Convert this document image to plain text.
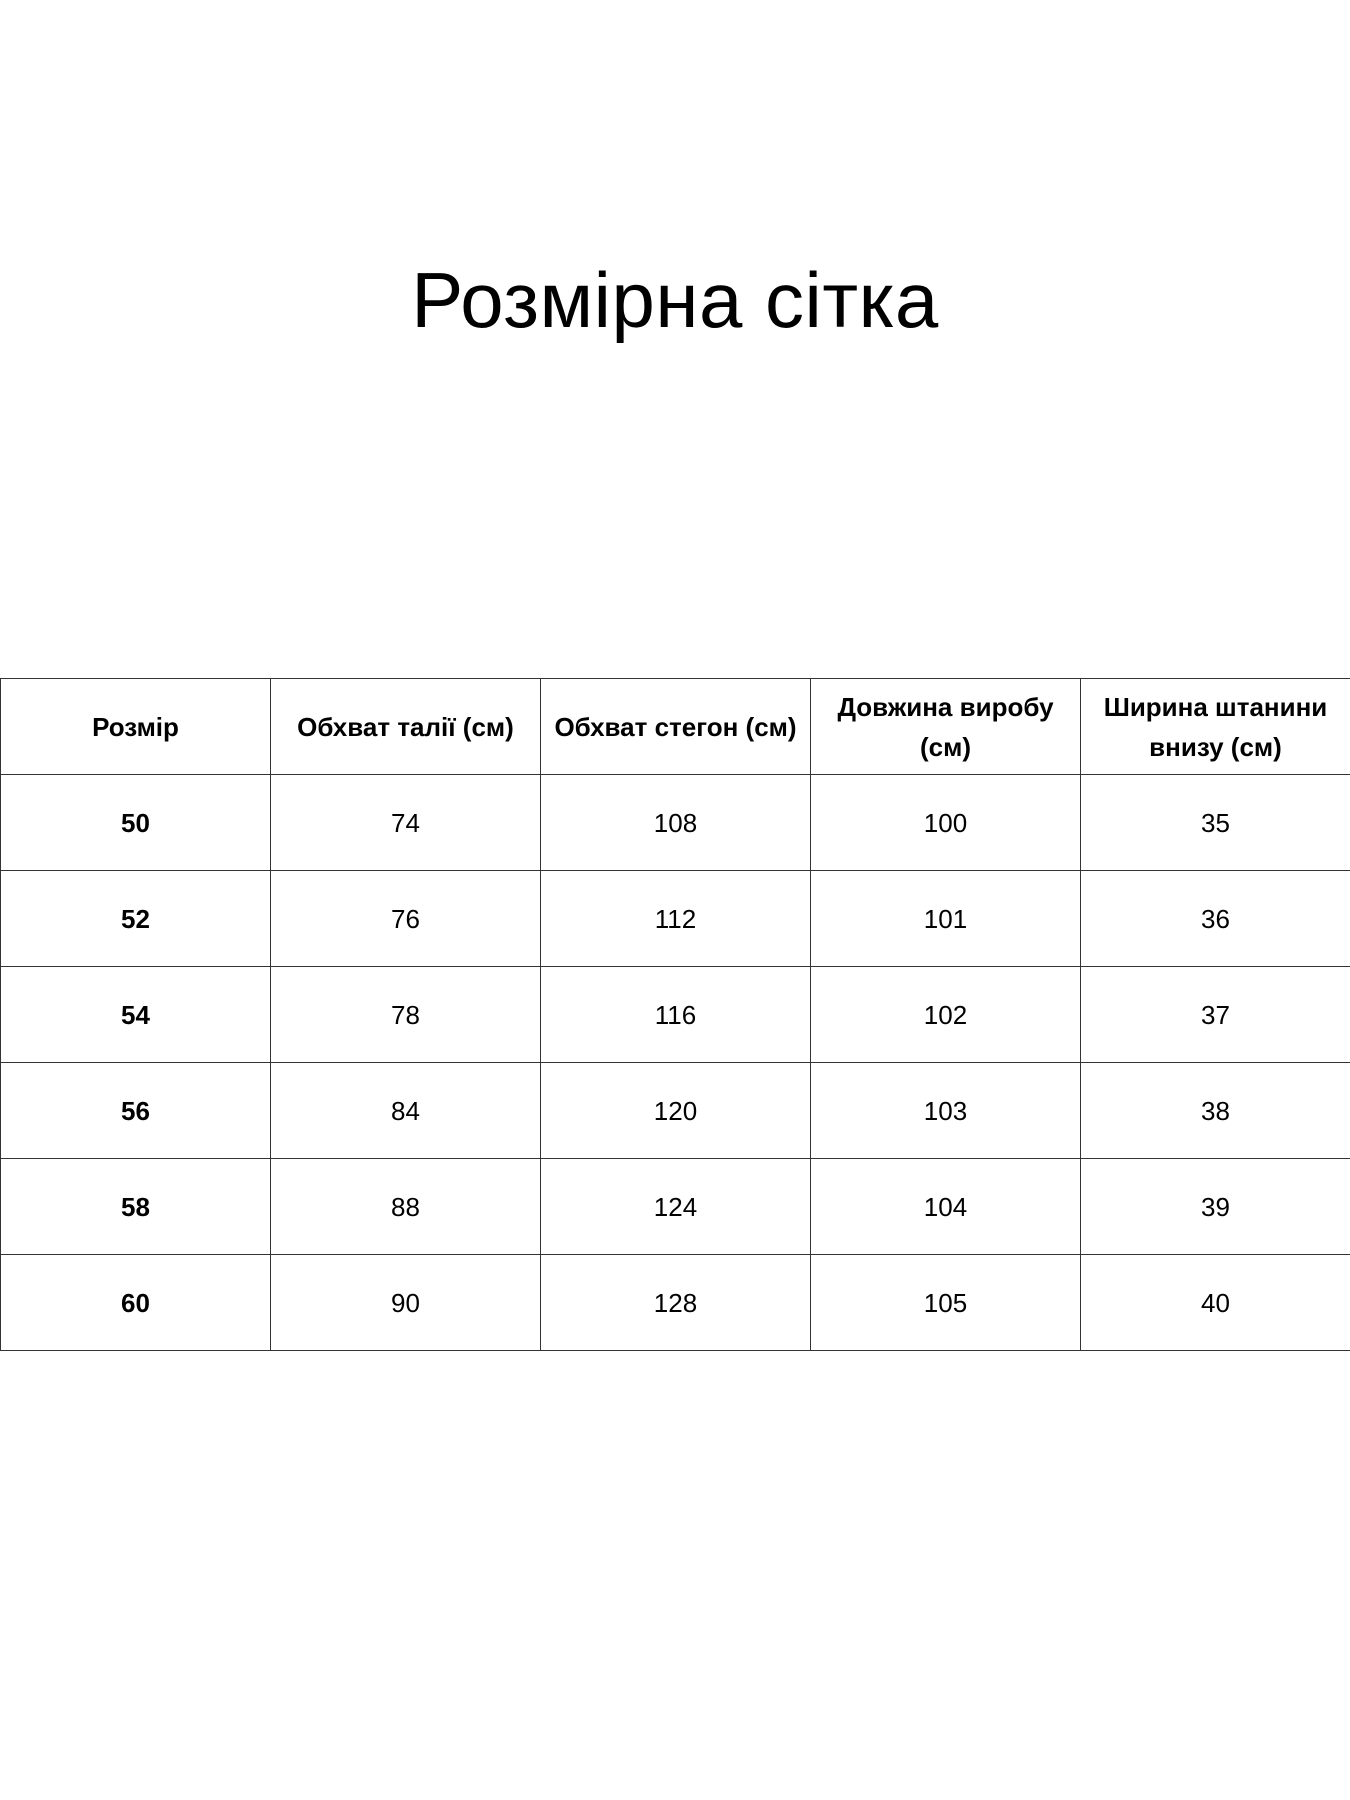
Розмірна сітка
Розмір	Обхват талії (см)	Обхват стегон (см)	Довжина виробу (см)	Ширина штанини внизу (см)
50	74	108	100	35
52	76	112	101	36
54	78	116	102	37
56	84	120	103	38
58	88	124	104	39
60	90	128	105	40
